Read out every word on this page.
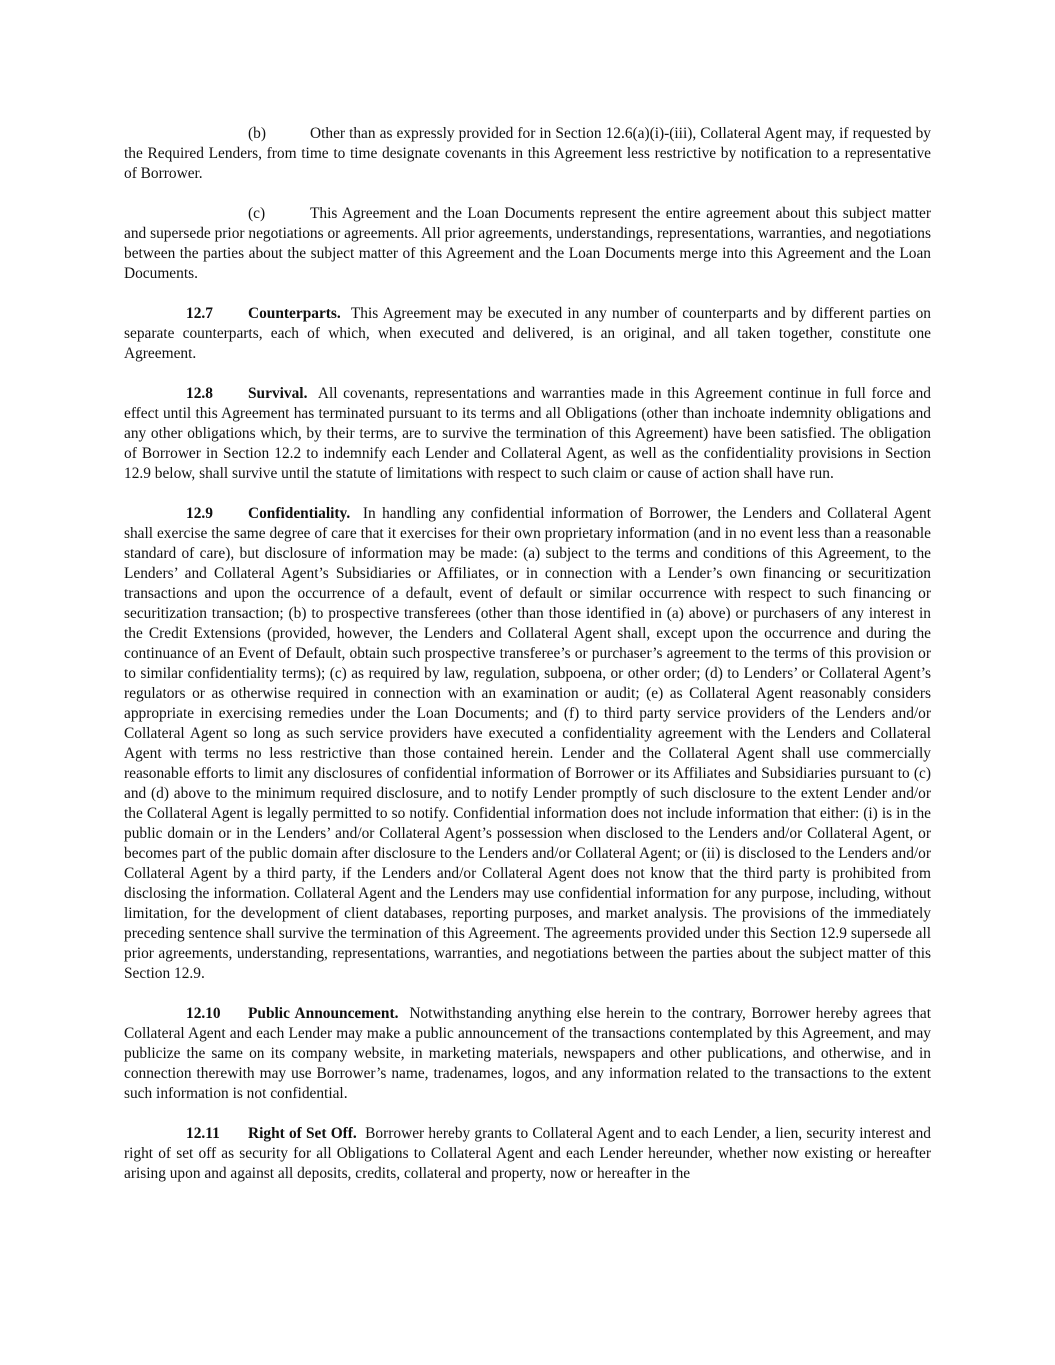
(b)	Other than as expressly provided for in Section 12.6(a)(i)-(iii), Collateral Agent may, if requested by the Required Lenders, from time to time designate covenants in this Agreement less restrictive by notification to a representative of Borrower.

(c)	This Agreement and the Loan Documents represent the entire agreement about this subject matter and supersede prior negotiations or agreements. All prior agreements, understandings, representations, warranties, and negotiations between the parties about the subject matter of this Agreement and the Loan Documents merge into this Agreement and the Loan Documents.

12.7 Counterparts. This Agreement may be executed in any number of counterparts and by different parties on separate counterparts, each of which, when executed and delivered, is an original, and all taken together, constitute one Agreement.

12.8 Survival. All covenants, representations and warranties made in this Agreement continue in full force and effect until this Agreement has terminated pursuant to its terms and all Obligations (other than inchoate indemnity obligations and any other obligations which, by their terms, are to survive the termination of this Agreement) have been satisfied. The obligation of Borrower in Section 12.2 to indemnify each Lender and Collateral Agent, as well as the confidentiality provisions in Section 12.9 below, shall survive until the statute of limitations with respect to such claim or cause of action shall have run.

12.9 Confidentiality. In handling any confidential information of Borrower, the Lenders and Collateral Agent shall exercise the same degree of care that it exercises for their own proprietary information (and in no event less than a reasonable standard of care), but disclosure of information may be made: (a) subject to the terms and conditions of this Agreement, to the Lenders’ and Collateral Agent’s Subsidiaries or Affiliates, or in connection with a Lender’s own financing or securitization transactions and upon the occurrence of a default, event of default or similar occurrence with respect to such financing or securitization transaction; (b) to prospective transferees (other than those identified in (a) above) or purchasers of any interest in the Credit Extensions (provided, however, the Lenders and Collateral Agent shall, except upon the occurrence and during the continuance of an Event of Default, obtain such prospective transferee’s or purchaser’s agreement to the terms of this provision or to similar confidentiality terms); (c) as required by law, regulation, subpoena, or other order; (d) to Lenders’ or Collateral Agent’s regulators or as otherwise required in connection with an examination or audit; (e) as Collateral Agent reasonably considers appropriate in exercising remedies under the Loan Documents; and (f) to third party service providers of the Lenders and/or Collateral Agent so long as such service providers have executed a confidentiality agreement with the Lenders and Collateral Agent with terms no less restrictive than those contained herein. Lender and the Collateral Agent shall use commercially reasonable efforts to limit any disclosures of confidential information of Borrower or its Affiliates and Subsidiaries pursuant to (c) and (d) above to the minimum required disclosure, and to notify Lender promptly of such disclosure to the extent Lender and/or the Collateral Agent is legally permitted to so notify. Confidential information does not include information that either: (i) is in the public domain or in the Lenders’ and/or Collateral Agent’s possession when disclosed to the Lenders and/or Collateral Agent, or becomes part of the public domain after disclosure to the Lenders and/or Collateral Agent; or (ii) is disclosed to the Lenders and/or Collateral Agent by a third party, if the Lenders and/or Collateral Agent does not know that the third party is prohibited from disclosing the information. Collateral Agent and the Lenders may use confidential information for any purpose, including, without limitation, for the development of client databases, reporting purposes, and market analysis. The provisions of the immediately preceding sentence shall survive the termination of this Agreement. The agreements provided under this Section 12.9 supersede all prior agreements, understanding, representations, warranties, and negotiations between the parties about the subject matter of this Section 12.9.

12.10 Public Announcement. Notwithstanding anything else herein to the contrary, Borrower hereby agrees that Collateral Agent and each Lender may make a public announcement of the transactions contemplated by this Agreement, and may publicize the same on its company website, in marketing materials, newspapers and other publications, and otherwise, and in connection therewith may use Borrower’s name, tradenames, logos, and any information related to the transactions to the extent such information is not confidential.

12.11 Right of Set Off. Borrower hereby grants to Collateral Agent and to each Lender, a lien, security interest and right of set off as security for all Obligations to Collateral Agent and each Lender hereunder, whether now existing or hereafter arising upon and against all deposits, credits, collateral and property, now or hereafter in the
